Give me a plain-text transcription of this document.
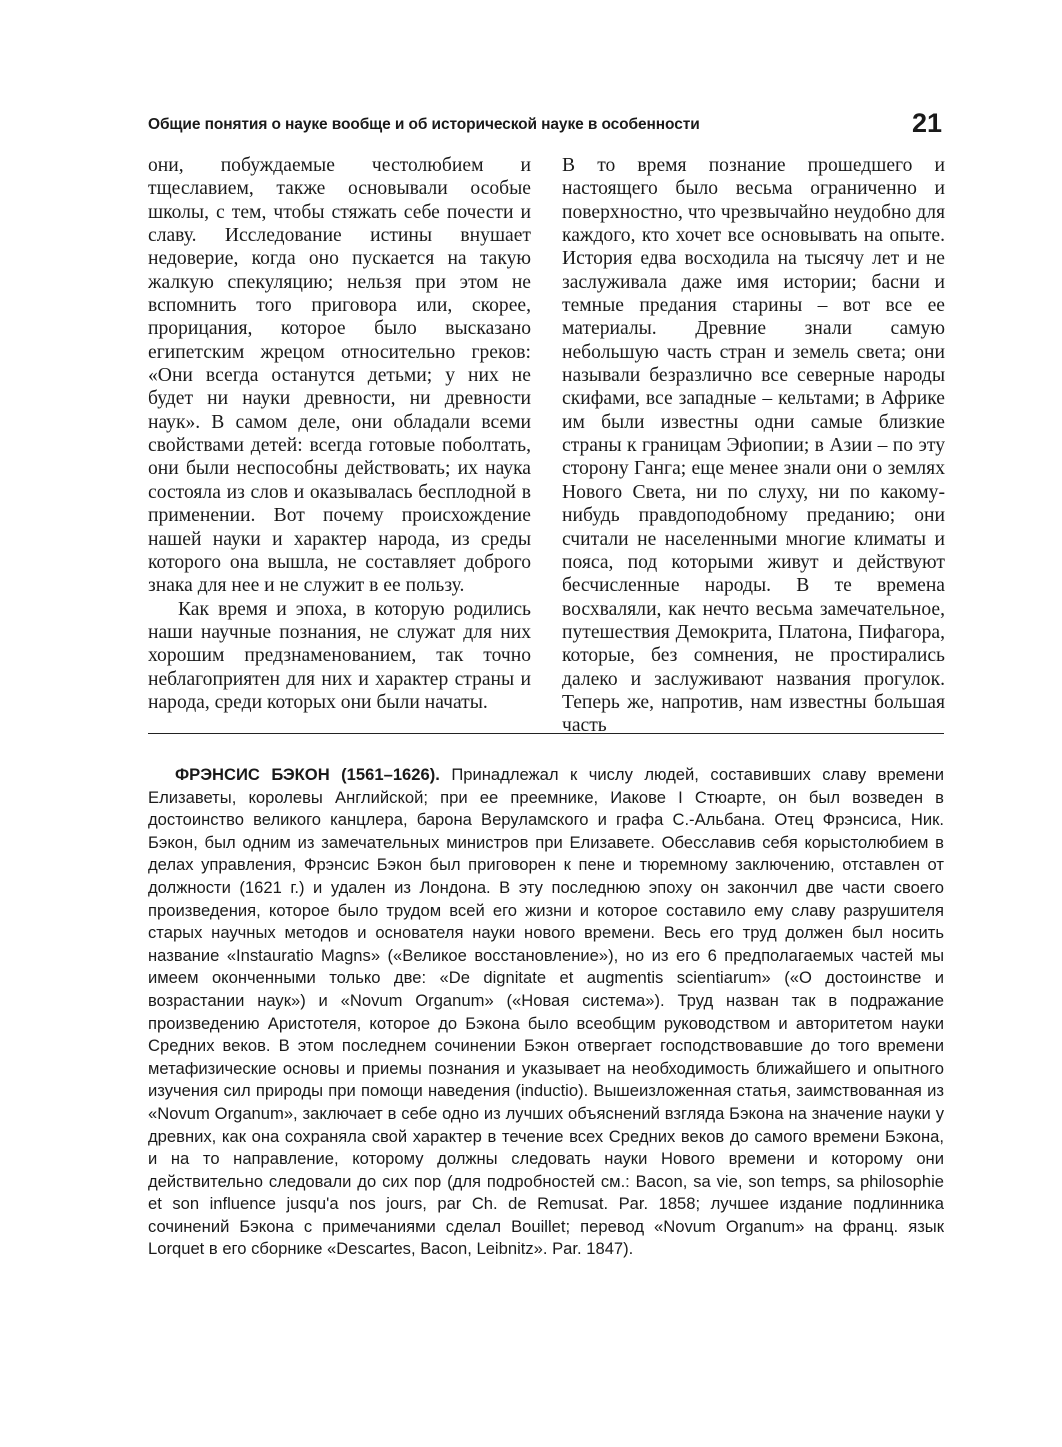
Общие понятия о науке вообще и об исторической науке в особенности	21

они, побуждаемые честолюбием и тщеславием, также основывали особые школы, с тем, чтобы стяжать себе почести и славу. Исследование истины внушает недоверие, когда оно пускается на такую жалкую спекуляцию; нельзя при этом не вспомнить того приговора или, скорее, прорицания, которое было высказано египетским жрецом относительно греков: «Они всегда останутся детьми; у них не будет ни науки древности, ни древности наук». В самом деле, они обладали всеми свойствами детей: всегда готовые поболтать, они были неспособны действовать; их наука состояла из слов и оказывалась бесплодной в применении. Вот почему происхождение нашей науки и характер народа, из среды которого она вышла, не составляет доброго знака для нее и не служит в ее пользу.

Как время и эпоха, в которую родились наши научные познания, не служат для них хорошим предзнаменованием, так точно неблагоприятен для них и характер страны и народа, среди которых они были начаты.

В то время познание прошедшего и настоящего было весьма ограниченно и поверхностно, что чрезвычайно неудобно для каждого, кто хочет все основывать на опыте. История едва восходила на тысячу лет и не заслуживала даже имя истории; басни и темные предания старины – вот все ее материалы. Древние знали самую небольшую часть стран и земель света; они называли безразлично все северные народы скифами, все западные – кельтами; в Африке им были известны одни самые близкие страны к границам Эфиопии; в Азии – по эту сторону Ганга; еще менее знали они о землях Нового Света, ни по слуху, ни по какому-нибудь правдоподобному преданию; они считали не населенными многие климаты и пояса, под которыми живут и действуют бесчисленные народы. В те времена восхваляли, как нечто весьма замечательное, путешествия Демокрита, Платона, Пифагора, которые, без сомнения, не простирались далеко и заслуживают названия прогулок. Теперь же, напротив, нам известны большая часть

ФРЭНСИС БЭКОН (1561–1626). Принадлежал к числу людей, составивших славу времени Елизаветы, королевы Английской; при ее преемнике, Иакове I Стюарте, он был возведен в достоинство великого канцлера, барона Веруламского и графа С.-Альбана. Отец Фрэнсиса, Ник. Бэкон, был одним из замечательных министров при Елизавете. Обесславив себя корыстолюбием в делах управления, Фрэнсис Бэкон был приговорен к пене и тюремному заключению, отставлен от должности (1621 г.) и удален из Лондона. В эту последнюю эпоху он закончил две части своего произведения, которое было трудом всей его жизни и которое составило ему славу разрушителя старых научных методов и основателя науки нового времени. Весь его труд должен был носить название «Instauratio Magns» («Великое восстановление»), но из его 6 предполагаемых частей мы имеем оконченными только две: «De dignitate et augmentis scientiarum» («О достоинстве и возрастании наук») и «Novum Organum» («Новая система»). Труд назван так в подражание произведению Аристотеля, которое до Бэкона было всеобщим руководством и авторитетом науки Средних веков. В этом последнем сочинении Бэкон отвергает господствовавшие до того времени метафизические основы и приемы познания и указывает на необходимость ближайшего и опытного изучения сил природы при помощи наведения (inductio). Вышеизложенная статья, заимствованная из «Novum Organum», заключает в себе одно из лучших объяснений взгляда Бэкона на значение науки у древних, как она сохраняла свой характер в течение всех Средних веков до самого времени Бэкона, и на то направление, которому должны следовать науки Нового времени и которому они действительно следовали до сих пор (для подробностей см.: Bacon, sa vie, son temps, sa philosophie et son influence jusqu'a nos jours, par Ch. de Remusat. Par. 1858; лучшее издание подлинника сочинений Бэкона с примечаниями сделал Bouillet; перевод «Novum Organum» на франц. язык Lorquet в его сборнике «Descartes, Bacon, Leibnitz». Par. 1847).
